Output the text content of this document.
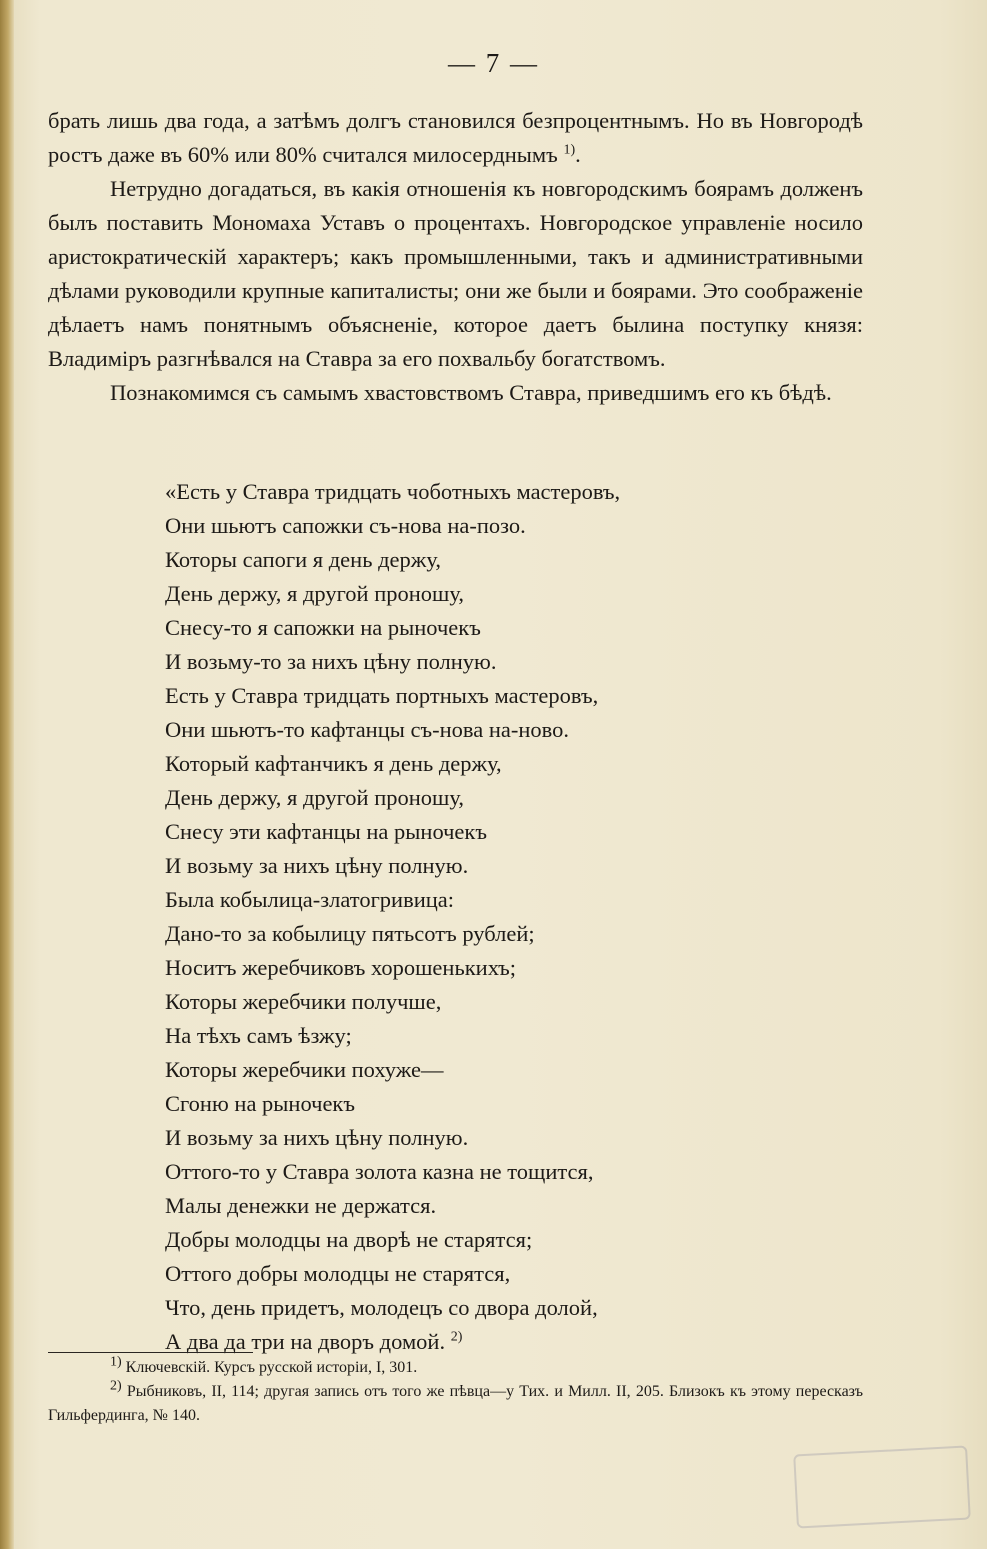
— 7 —

брать лишь два года, а затѣмъ долгъ становился безпроцентнымъ. Но въ Новгородѣ ростъ даже въ 60% или 80% считался милосерднымъ $^{1)}$.

Нетрудно догадаться, въ какія отношенія къ новгородскимъ боярамъ долженъ былъ поставить Мономаха Уставъ о процентахъ. Новгородское управленіе носило аристократическій характеръ; какъ промышленными, такъ и административными дѣлами руководили крупные капиталисты; они же были и боярами. Это соображеніе дѣлаетъ намъ понятнымъ объясненіе, которое даетъ былина поступку князя: Владиміръ разгнѣвался на Ставра за его похвальбу богатствомъ.

Познакомимся съ самымъ хвастовствомъ Ставра, приведшимъ его къ бѣдѣ.

«Есть у Ставра тридцать чоботныхъ мастеровъ,
Они шьютъ сапожки съ-нова на-позо.
Которы сапоги я день держу,
День держу, я другой проношу,
Снесу-то я сапожки на рыночекъ
И возьму-то за нихъ цѣну полную.
Есть у Ставра тридцать портныхъ мастеровъ,
Они шьютъ-то кафтанцы съ-нова на-ново.
Который кафтанчикъ я день держу,
День держу, я другой проношу,
Снесу эти кафтанцы на рыночекъ
И возьму за нихъ цѣну полную.
Была кобылица-златогривица:
Дано-то за кобылицу пятьсотъ рублей;
Носитъ жеребчиковъ хорошенькихъ;
Которы жеребчики получше,
На тѣхъ самъ ѣзжу;
Которы жеребчики похуже—
Сгоню на рыночекъ
И возьму за нихъ цѣну полную.
Оттого-то у Ставра золота казна не тощится,
Малы денежки не держатся.
Добры молодцы на дворѣ не старятся;
Оттого добры молодцы не старятся,
Что, день придетъ, молодецъ со двора долой,
А два да три на дворъ домой. $^{2)}$

$^{1)}$ Ключевскій. Курсъ русской исторіи, I, 301.

$^{2)}$ Рыбниковъ, II, 114; другая запись отъ того же пѣвца—у Тих. и Милл. II, 205. Близокъ къ этому пересказъ Гильфердинга, № 140.
